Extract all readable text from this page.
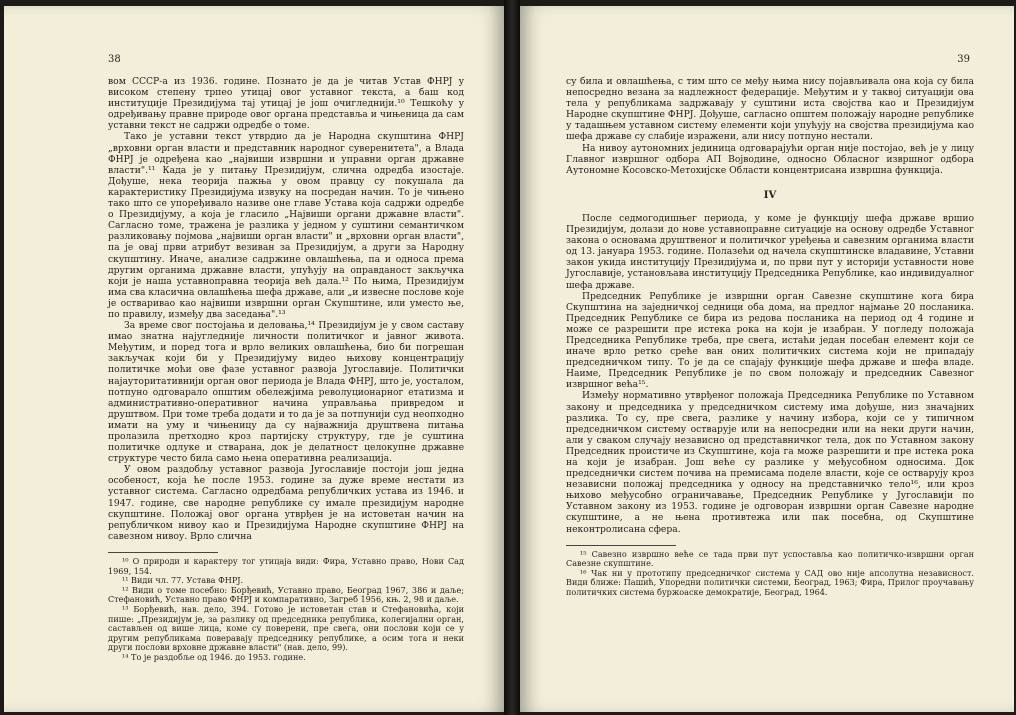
38

вом СССР-а из 1936. године. Познато је да је читав Устав ФНРЈ у високом степену трпео утицај овог уставног текста, а баш код институције Президијума тај утицај је још очигледнији.¹⁰ Тешкоћу у одређивању правне природе овог органа представља и чињеница да сам уставни текст не садржи одредбе о томе.

Тако је уставни текст утврдио да је Народна скупштина ФНРЈ „врховни орган власти и представник народног суверенитета", а Влада ФНРЈ је одређена као „највиши извршни и управни орган државне власти".¹¹ Када је у питању Президијум, слична одредба изостаје. Дођуше, нека теорија пажња у овом правцу су покушала да карактеристику Президијума извуку на посредан начин. То је чињено тако што се упоређивало називе оне главе Устава која садржи одредбе о Президијуму, а која је гласило „Највиши органи државне власти". Сагласно томе, тражена је разлика у једном у суштини семантичком разликовању појмова „највиши орган власти" и „врховни орган власти", па је овај први атрибут везиван за Президијум, а други за Народну скупштину. Иначе, анализе садржине овлашћења, па и односа према другим органима државне власти, упућују на оправданост закључка који је наша уставноправна теорија већ дала.¹² По њима, Президијум има сва класична овлашћења шефа државе, али „и извесне послове које је остваривао као највиши извршни орган Скупштине, или уместо ње, по правилу, између два заседања".¹³

За време свог постојања и деловања,¹⁴ Президијум је у свом саставу имао знатна најугледније личности политичког и јавног живота. Међутим, и поред тога и врло великих овлашћења, био би погрешан закључак који би у Президијуму видео њихову концентрацију политичке моћи ове фазе уставног развоја Југославије. Политички најауторитативнији орган овог периода је Влада ФНРЈ, што је, уосталом, потпуно одговарало општим обележјима револуционарног етатизма и административно-оперативног начина управљања привредом и друштвом. При томе треба додати и то да је за потпунији суд неопходно имати на уму и чињеницу да су најважнија друштвена питања пролазила претходно кроз партијску структуру, где је суштина политичке одлуке и стварана, док је делатност целокупне државне структуре често била само њена оперативна реализација.

У овом раздобљу уставног развоја Југославије постоји још једна особеност, која ће после 1953. године за дуже време нестати из уставног система. Сагласно одредбама републичких устава из 1946. и 1947. године, све народне републике су имале президијум народне скупштине. Положај овог органа утврђен је на истоветан начин на републичком нивоу као и Президијума Народне скупштине ФНРЈ на савезном нивоу. Врло слична

¹⁰ О природи и карактеру тог утицаја види: Фира, Уставно право, Нови Сад 1969, 154.

¹¹ Види чл. 77. Устава ФНРЈ.

¹² Види о томе посебно: Борђевић, Уставно право, Београд 1967, 386 и даље; Стефановић, Уставно право ФНРЈ и компаративно, Загреб 1956, књ. 2, 98 и даље.

¹³ Борђевић, нав. дело, 394. Готово је истоветан став и Стефановића, који пише: „Президијум је, за разлику од председника република, колегијални орган, састављен од више лица, коме су поверени, пре свега, они послови који се у другим републикама поверавају председнику републике, а осим тога и неки други послови врховне државне власти" (нав. дело, 99).

¹⁴ То је раздобље од 1946. до 1953. године.

39

су била и овлашћења, с тим што се међу њима нису појављивала она која су била непосредно везана за надлежност федерације. Међутим и у таквој ситуацији ова тела у републикама задржавају у суштини иста својства као и Президијум Народне скупштине ФНРЈ. Дођуше, сагласно општем положају народне републике у тадашњем уставном систему елементи који упућују на својства президијума као шефа државе су слабије изражени, али нису потпуно нестали.

На нивоу аутономних јединица одговарајући орган није постојао, већ је у лицу Главног извршног одбора АП Војводине, односно Обласног извршног одбора Аутономне Косовско-Метохијске Области концентрисана извршна функција.

IV

После седмогодишњег периода, у коме је функцију шефа државе вршио Президијум, долази до нове уставноправне ситуације на основу одредбе Уставног закона о основама друштвеног и политичког уређења и савезним органима власти од 13. јануара 1953. године. Полазећи од начела скупштинске владавине, Уставни закон укида институцију Президијума и, по први пут у историји уставности нове Југославије, установљава институцију Председника Републике, као индивидуалног шефа државе.

Председник Републике је извршни орган Савезне скупштине кога бира Скупштина на заједничкој седници оба дома, на предлог најмање 20 посланика. Председник Републике се бира из редова посланика на период од 4 године и може се разрешити пре истека рока на који је изабран. У погледу положаја Председника Републике треба, пре свега, истаћи један посебан елемент који се иначе врло ретко среће ван оних политичких система који не припадају председничком типу. То је да се спајају функције шефа државе и шефа владе. Наиме, Председник Републике је по свом положају и председник Савезног извршног већа¹⁵.

Између нормативно утврђеног положаја Председника Републике по Уставном закону и председника у председничком систему има дођуше, низ значајних разлика. То су, пре свега, разлике у начину избора, који се у типичном председничком систему остварује или на непосредни или на неки други начин, али у сваком случају независно од представничког тела, док по Уставном закону Председник проистиче из Скупштине, која га може разрешити и пре истека рока на који је изабран. Још веће су разлике у међусобном односима. Док председнички систем почива на премисама поделе власти, које се остварују кроз независни положај председника у односу на представничко тело¹⁶, или кроз њихово међусобно ограничавање, Председник Републике у Југославији по Уставном закону из 1953. године је одговоран извршни орган Савезне народне скупштине, а не њена противтежа или пак посебна, од Скупштине неконтролисана сфера.

¹⁵ Савезно извршно веће се тада први пут успоставља као политичко-извршни орган Савезне скупштине.

¹⁶ Чак ни у прототипу председничког система у САД ово није апсолутна независност. Види ближе: Пашић, Упоредни политички системи, Београд, 1963; Фира, Прилог проучавању политичких система буржоаске демократије, Београд, 1964.
